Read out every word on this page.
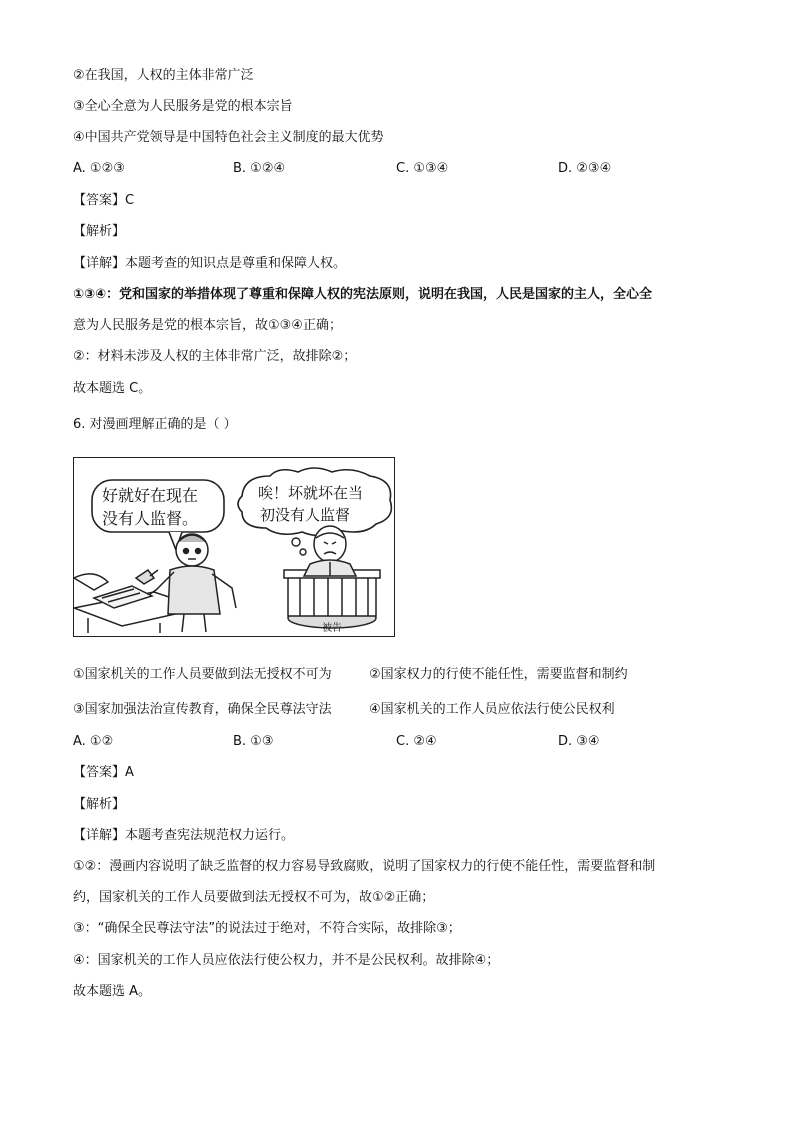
②在我国，人权的主体非常广泛
③全心全意为人民服务是党的根本宗旨
④中国共产党领导是中国特色社会主义制度的最大优势
A. ①②③	B. ①②④	C. ①③④	D. ②③④
【答案】C
【解析】
【详解】本题考查的知识点是尊重和保障人权。
①③④：党和国家的举措体现了尊重和保障人权的宪法原则，说明在我国，人民是国家的主人，全心全
意为人民服务是党的根本宗旨，故①③④正确；
②：材料未涉及人权的主体非常广泛，故排除②；
故本题选 C。
6. 对漫画理解正确的是（ ）
好就好在现在
没有人监督。
唉！坏就坏在当
初没有人监督
被告
①国家机关的工作人员要做到法无授权不可为	②国家权力的行使不能任性，需要监督和制约
③国家加强法治宣传教育，确保全民尊法守法	④国家机关的工作人员应依法行使公民权利
A. ①②	B. ①③	C. ②④	D. ③④
【答案】A
【解析】
【详解】本题考查宪法规范权力运行。
①②：漫画内容说明了缺乏监督的权力容易导致腐败，说明了国家权力的行使不能任性，需要监督和制
约，国家机关的工作人员要做到法无授权不可为，故①②正确；
③：“确保全民尊法守法”的说法过于绝对，不符合实际，故排除③；
④：国家机关的工作人员应依法行使公权力，并不是公民权利。故排除④；
故本题选 A。
